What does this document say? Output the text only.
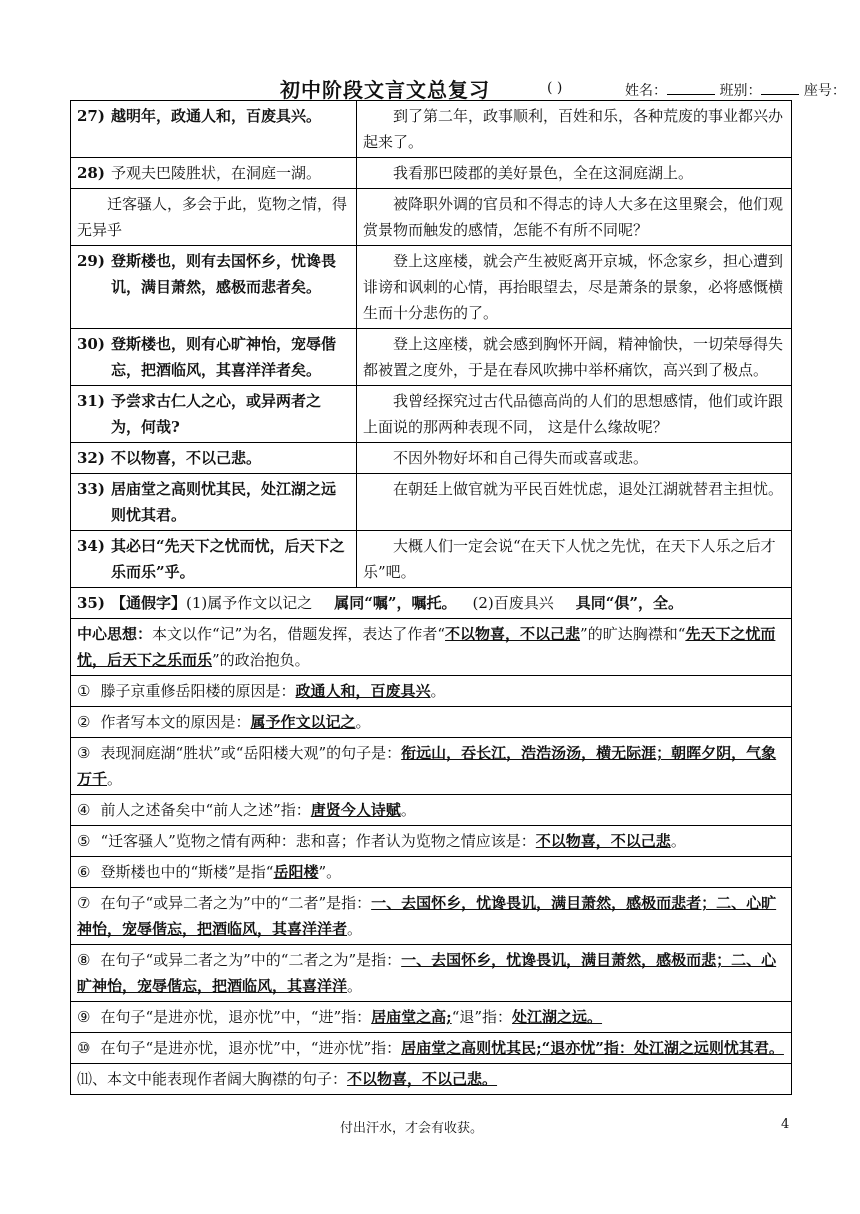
初中阶段文言文总复习	( )	姓名：	班别：	座号：
27) 越明年，政通人和，百废具兴。	到了第二年，政事顺利，百姓和乐，各种荒废的事业都兴办起来了。

28) 予观夫巴陵胜状，在洞庭一湖。	我看那巴陵郡的美好景色，全在这洞庭湖上。

迁客骚人，多会于此，览物之情，得无异乎	被降职外调的官员和不得志的诗人大多在这里聚会，他们观赏景物而触发的感情，怎能不有所不同呢？

29) 登斯楼也，则有去国怀乡，忧谗畏讥，满目萧然，感极而悲者矣。	登上这座楼，就会产生被贬离开京城，怀念家乡，担心遭到诽谤和讽刺的心情，再抬眼望去，尽是萧条的景象，必将感慨横生而十分悲伤的了。

30) 登斯楼也，则有心旷神怡，宠辱偕忘，把酒临风，其喜洋洋者矣。	登上这座楼，就会感到胸怀开阔，精神愉快，一切荣辱得失都被置之度外，于是在春风吹拂中举杯痛饮，高兴到了极点。

31) 予尝求古仁人之心，或异两者之为，何哉?	我曾经探究过古代品德高尚的人们的思想感情，他们或许跟上面说的那两种表现不同， 这是什么缘故呢？

32) 不以物喜，不以己悲。	不因外物好坏和自己得失而或喜或悲。

33) 居庙堂之高则忧其民，处江湖之远则忧其君。	在朝廷上做官就为平民百姓忧虑，退处江湖就替君主担忧。

34) 其必曰“先天下之忧而忧，后天下之乐而乐”乎。	大概人们一定会说“在天下人忧之先忧，在天下人乐之后才乐”吧。

35) 【通假字】(1)属予作文以记之 属同“嘱”，嘱托。 (2)百废具兴 具同“俱”，全。	
中心思想：本文以作“记”为名，借题发挥，表达了作者“不以物喜，不以己悲”的旷达胸襟和“先天下之忧而忧，后天下之乐而乐”的政治抱负。	
① 滕子京重修岳阳楼的原因是：政通人和，百废具兴。	
② 作者写本文的原因是：属予作文以记之。	
③ 表现洞庭湖“胜状”或“岳阳楼大观”的句子是：衔远山，吞长江，浩浩汤汤，横无际涯；朝晖夕阴，气象万千。	
④ 前人之述备矣中“前人之述”指：唐贤今人诗赋。	
⑤ “迁客骚人”览物之情有两种：悲和喜；作者认为览物之情应该是：不以物喜，不以己悲。	
⑥ 登斯楼也中的“斯楼”是指“岳阳楼”。	
⑦ 在句子“或异二者之为”中的“二者”是指：一、去国怀乡，忧谗畏讥，满目萧然，感极而悲者；二、心旷神怡，宠辱偕忘，把酒临风，其喜洋洋者。	
⑧ 在句子“或异二者之为”中的“二者之为”是指：一、去国怀乡，忧谗畏讥，满目萧然，感极而悲；二、心旷神怡，宠辱偕忘，把酒临风，其喜洋洋。	
⑨ 在句子“是进亦忧，退亦忧”中，“进”指：居庙堂之高;“退”指：处江湖之远。	
⑩ 在句子“是进亦忧，退亦忧”中，“进亦忧”指：居庙堂之高则忧其民;“退亦忧”指：处江湖之远则忧其君。	
⑾、本文中能表现作者阔大胸襟的句子：不以物喜，不以己悲。	
付出汗水，才会有收获。	4
